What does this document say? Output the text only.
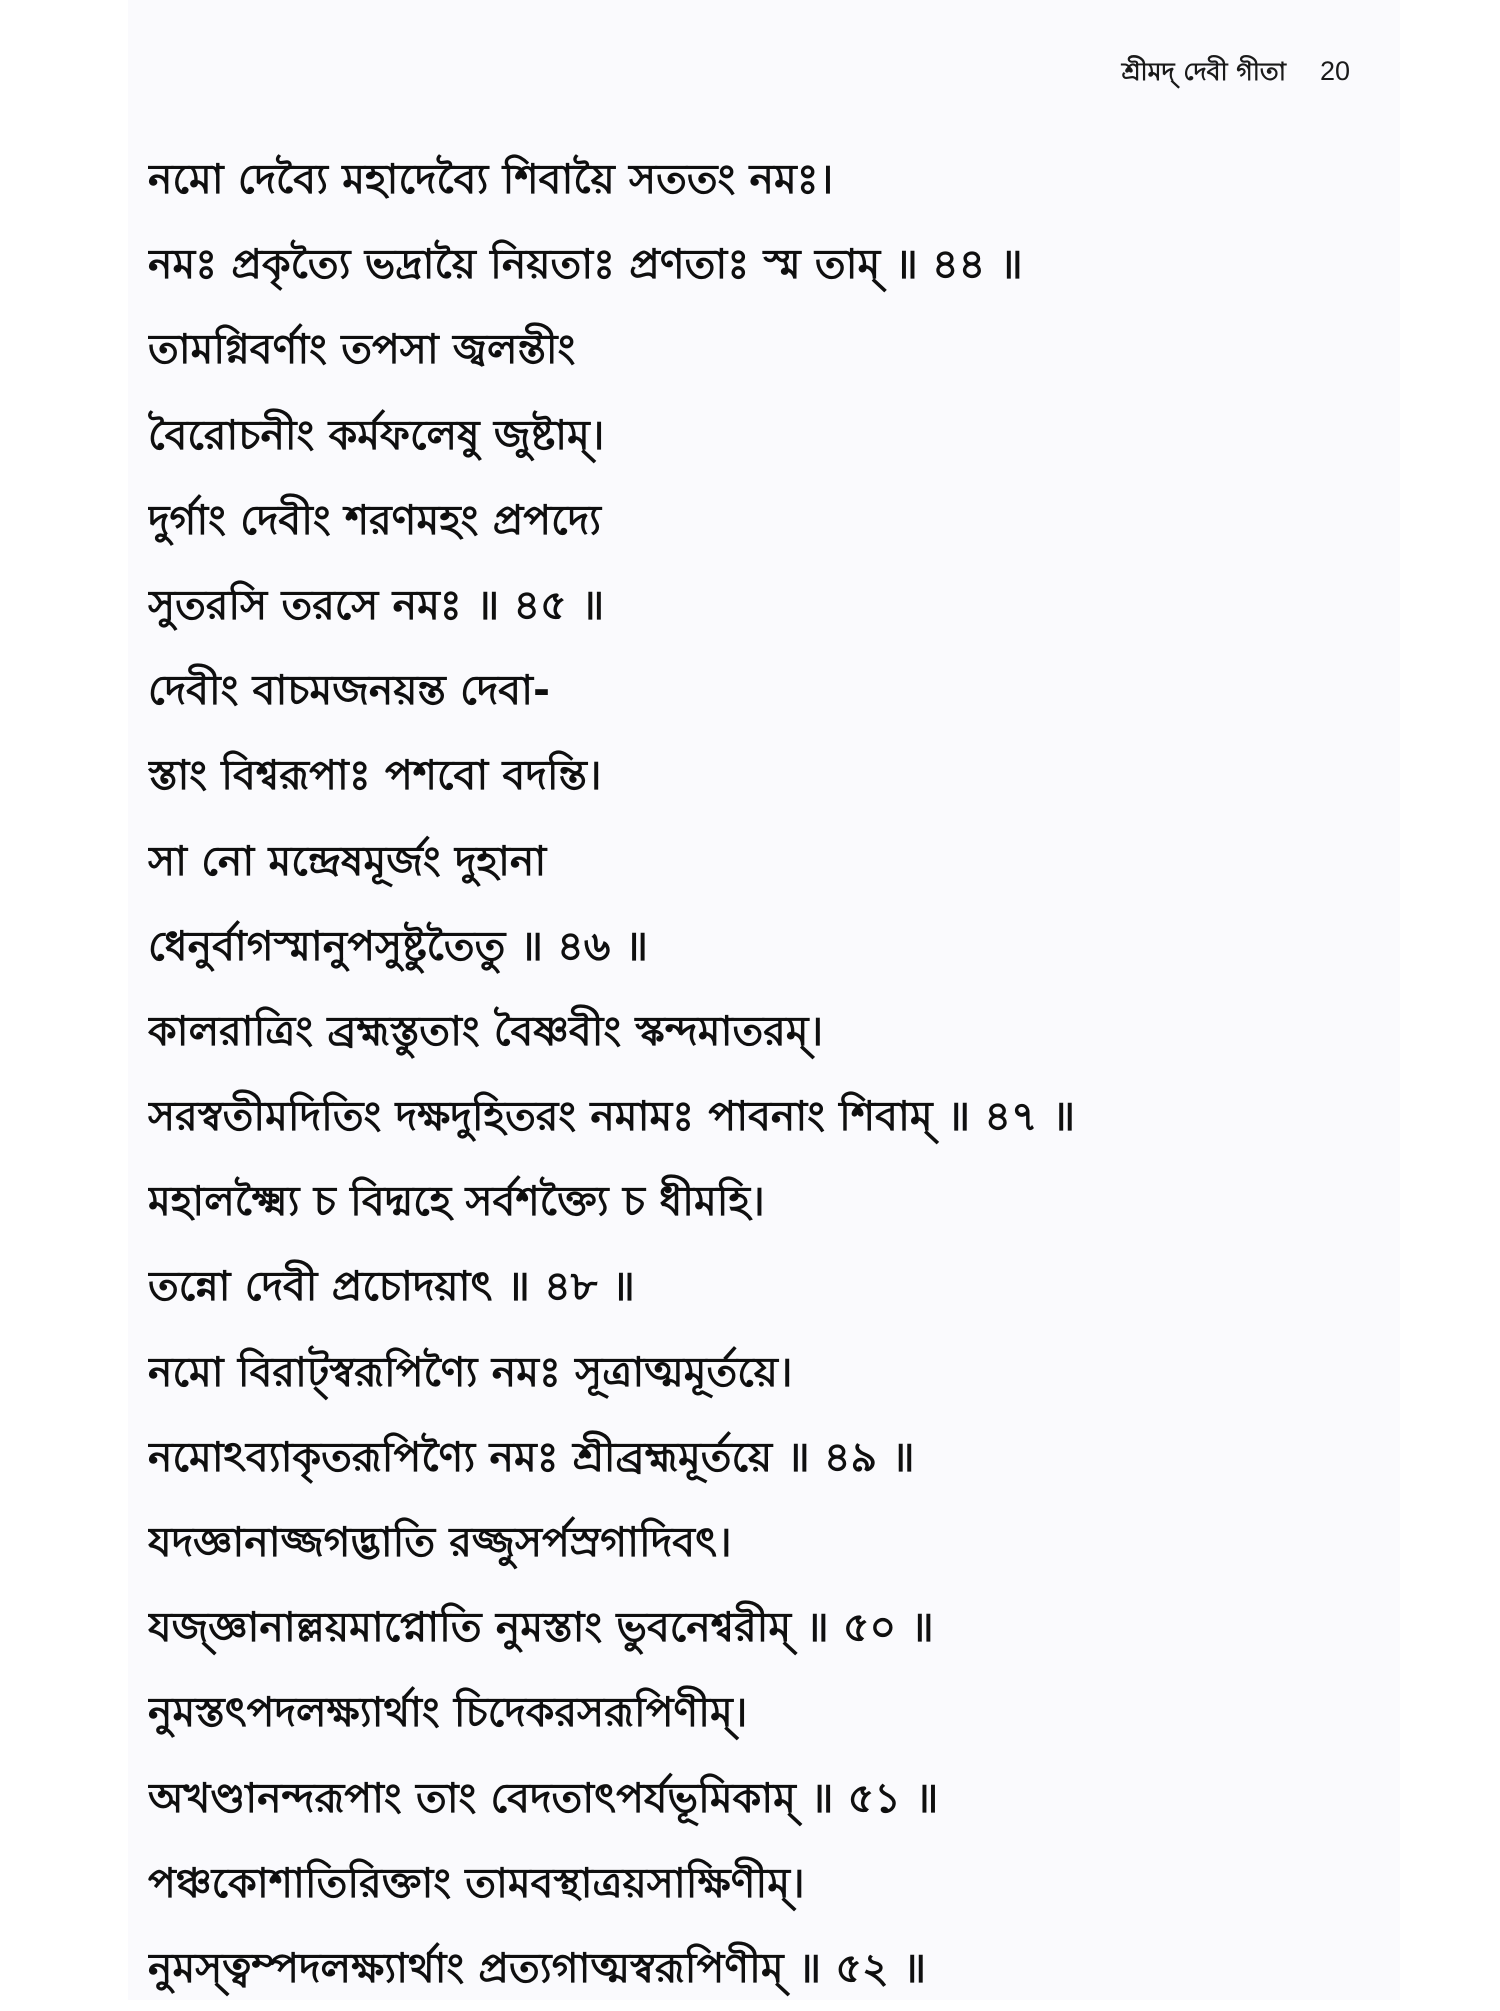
শ্রীমদ্ দেবী গীতা 20
নমো দেব্যৈ মহাদেব্যৈ শিবায়ৈ সততং নমঃ।
নমঃ প্রকৃত্যৈ ভদ্রায়ৈ নিয়তাঃ প্রণতাঃ স্ম তাম্ ॥ ৪৪ ॥
তামগ্নিবর্ণাং তপসা জ্বলন্তীং
বৈরোচনীং কর্মফলেষু জুষ্টাম্।
দুর্গাং দেবীং শরণমহং প্রপদ্যে
সুতরসি তরসে নমঃ ॥ ৪৫ ॥
দেবীং বাচমজনয়ন্ত দেবা-
স্তাং বিশ্বরূপাঃ পশবো বদন্তি।
সা নো মন্দ্রেষমূর্জং দুহানা
ধেনুর্বাগস্মানুপসুষ্টুতৈতু ॥ ৪৬ ॥
কালরাত্রিং ব্রহ্মস্তুতাং বৈষ্ণবীং স্কন্দমাতরম্।
সরস্বতীমদিতিং দক্ষদুহিতরং নমামঃ পাবনাং শিবাম্ ॥ ৪৭ ॥
মহালক্ষ্ম্যৈ চ বিদ্মহে সর্বশক্ত্যৈ চ ধীমহি।
তন্নো দেবী প্রচোদয়াৎ ॥ ৪৮ ॥
নমো বিরাট্স্বরূপিণ্যৈ নমঃ সূত্রাত্মমূর্তয়ে।
নমোঽব্যাকৃতরূপিণ্যৈ নমঃ শ্রীব্রহ্মমূর্তয়ে ॥ ৪৯ ॥
যদজ্ঞানাজ্জগদ্ভাতি রজ্জুসর্পস্রগাদিবৎ।
যজ্জ্ঞানাল্লয়মাপ্নোতি নুমস্তাং ভুবনেশ্বরীম্ ॥ ৫০ ॥
নুমস্তৎপদলক্ষ্যার্থাং চিদেকরসরূপিণীম্।
অখণ্ডানন্দরূপাং তাং বেদতাৎপর্যভূমিকাম্ ॥ ৫১ ॥
পঞ্চকোশাতিরিক্তাং তামবস্থাত্রয়সাক্ষিণীম্।
নুমস্ত্বম্পদলক্ষ্যার্থাং প্রত্যগাত্মস্বরূপিণীম্ ॥ ৫২ ॥
